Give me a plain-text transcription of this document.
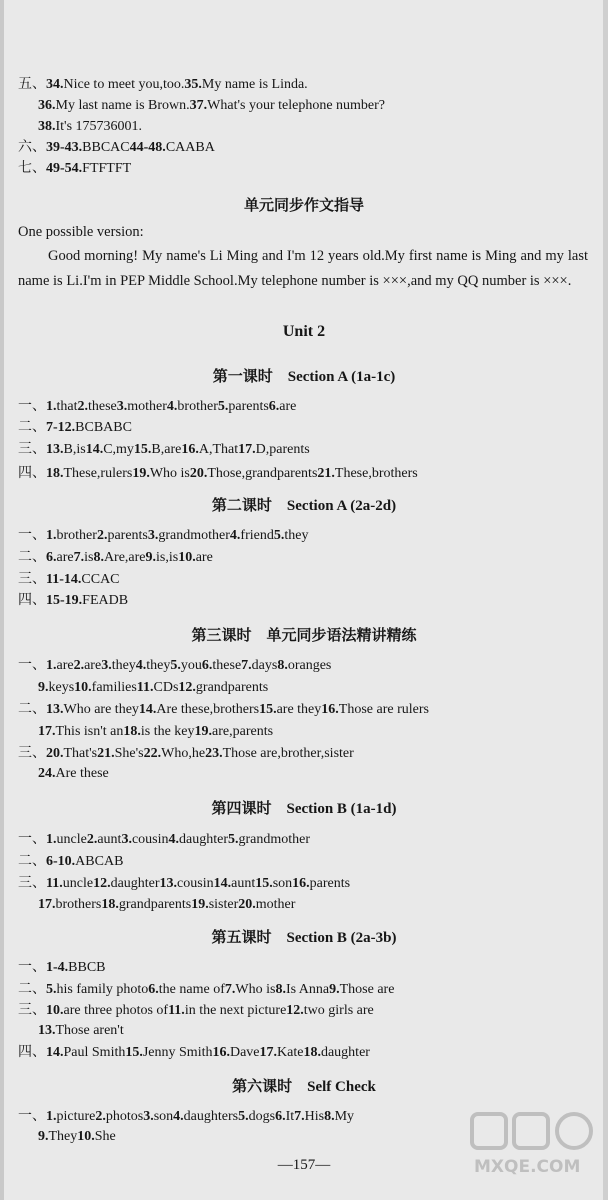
五、34.Nice to meet you,too.35.My name is Linda.
36.My last name is Brown.37.What's your telephone number?
38.It's 175736001.
六、39-43.BBCAC44-48.CAABA
七、49-54.FTFTFT
单元同步作文指导
One possible version:

Good morning! My name's Li Ming and I'm 12 years old.My first name is Ming and my last name is Li.I'm in PEP Middle School.My telephone number is ×××,and my QQ number is ×××.

Unit 2
第一课时　Section A (1a-1c)
一、1.that2.these3.mother4.brother5.parents6.are
二、7-12.BCBABC
三、13.B,is14.C,my15.B,are16.A,That17.D,parents
四、18.These,rulers19.Who is20.Those,grandparents21.These,brothers
第二课时　Section A (2a-2d)
一、1.brother2.parents3.grandmother4.friend5.they
二、6.are7.is8.Are,are9.is,is10.are
三、11-14.CCAC
四、15-19.FEADB
第三课时　单元同步语法精讲精练
一、1.are2.are3.they4.they5.you6.these7.days8.oranges
9.keys10.families11.CDs12.grandparents
二、13.Who are they14.Are these,brothers15.are they16.Those are rulers
17.This isn't an18.is the key19.are,parents
三、20.That's21.She's22.Who,he23.Those are,brother,sister
24.Are these
第四课时　Section B (1a-1d)
一、1.uncle2.aunt3.cousin4.daughter5.grandmother
二、6-10.ABCAB
三、11.uncle12.daughter13.cousin14.aunt15.son16.parents
17.brothers18.grandparents19.sister20.mother
第五课时　Section B (2a-3b)
一、1-4.BBCB
二、5.his family photo6.the name of7.Who is8.Is Anna9.Those are
三、10.are three photos of11.in the next picture12.two girls are
13.Those aren't
四、14.Paul Smith15.Jenny Smith16.Dave17.Kate18.daughter
第六课时　Self Check
一、1.picture2.photos3.son4.daughters5.dogs6.It7.His8.My
9.They10.She
—157—	MXQE.COM
